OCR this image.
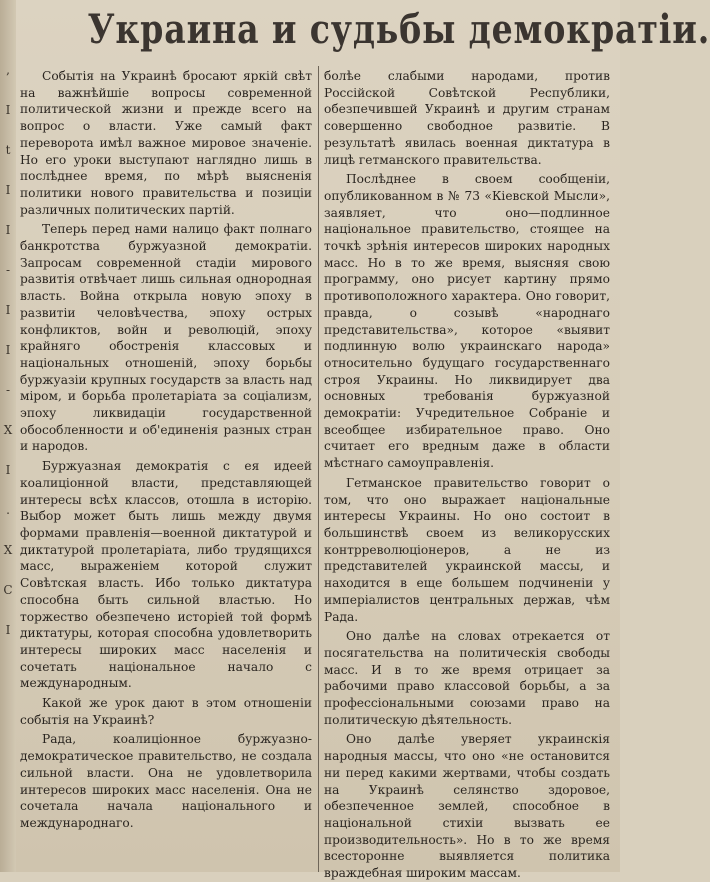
,
I
t
I
I
-
I
I
-
X
I
.
X
C
I
Украина и судьбы демократiи.

Событiя на Украинѣ бросают яркiй свѣт на важнѣйшiе вопросы современной политической жизни и прежде всего на вопрос о власти. Уже самый факт переворота имѣл важное мировое значенiе. Но его уроки выступают наглядно лишь в послѣднее время, по мѣрѣ выясненiя политики нового правительства и позицiи различных политических партiй.

Теперь перед нами налицо факт полнаго банкротства буржуазной демократiи. Запросам современной стадiи мирового развитiя отвѣчает лишь сильная однородная власть. Война открыла новую эпоху в развитiи человѣчества, эпоху острых конфликтов, войн и революцiй, эпоху крайняго обостренiя классовых и нацiональных отношенiй, эпоху борьбы буржуазiи крупных государств за власть над мiром, и борьба пролетарiата за соцiализм, эпоху ликвидацiи государственной обособленности и об'единенiя разных стран и народов.

Буржуазная демократiя с ея идеей коалицiонной власти, представляющей интересы всѣх классов, отошла в исторiю. Выбор может быть лишь между двумя формами правленiя—военной диктатурой и диктатурой пролетарiата, либо трудящихся масс, выраженiем которой служит Совѣтская власть. Ибо только диктатура способна быть сильной властью. Но торжество обезпечено исторiей той формѣ диктатуры, которая способна удовлетворить интересы широких масс населенiя и сочетать нацiональное начало с международным.

Какой же урок дают в этом отношенiи событiя на Украинѣ?

Рада, коалицiонное буржуазно-демократическое правительство, не создала сильной власти. Она не удовлетворила интересов широких масс населенiя. Она не сочетала начала нацiонального и международнаго.

болѣе слабыми народами, против Россiйской Совѣтской Республики, обезпечившей Украинѣ и другим странам совершенно свободное развитiе. В результатѣ явилась военная диктатура в лицѣ гетманского правительства.

Послѣднее в своем сообщенiи, опубликованном в № 73 «Кiевской Мысли», заявляет, что оно—подлинное нацiональное правительство, стоящее на точкѣ зрѣнiя интересов широких народных масс. Но в то же время, выясняя свою программу, оно рисует картину прямо противоположного характера. Оно говорит, правда, о созывѣ «народнаго представительства», которое «выявит подлинную волю украинскаго народа» относительно будущаго государственнаго строя Украины. Но ликвидирует два основных требованiя буржуазной демократiи: Учредительное Собранiе и всеобщее избирательное право. Оно считает его вредным даже в области мѣстнаго самоуправленiя.

Гетманское правительство говорит о том, что оно выражает нацiональные интересы Украины. Но оно состоит в большинствѣ своем из великорусских контрреволюцiонеров, а не из представителей украинской массы, и находится в еще большем подчиненiи у имперiалистов центральных держав, чѣм Рада.

Оно далѣе на словах отрекается от посягательства на политическiя свободы масс. И в то же время отрицает за рабочими право классовой борьбы, а за профессiональными союзами право на политическую дѣятельность.

Оно далѣе уверяет украинскiя народныя массы, что оно «не остановится ни перед какими жертвами, чтобы создать на Украинѣ селянство здоровое, обезпеченное землей, способное в нацiональной стихiи вызвать ее производительность». Но в то же время всесторонне выявляется политика враждебная широким массам.
